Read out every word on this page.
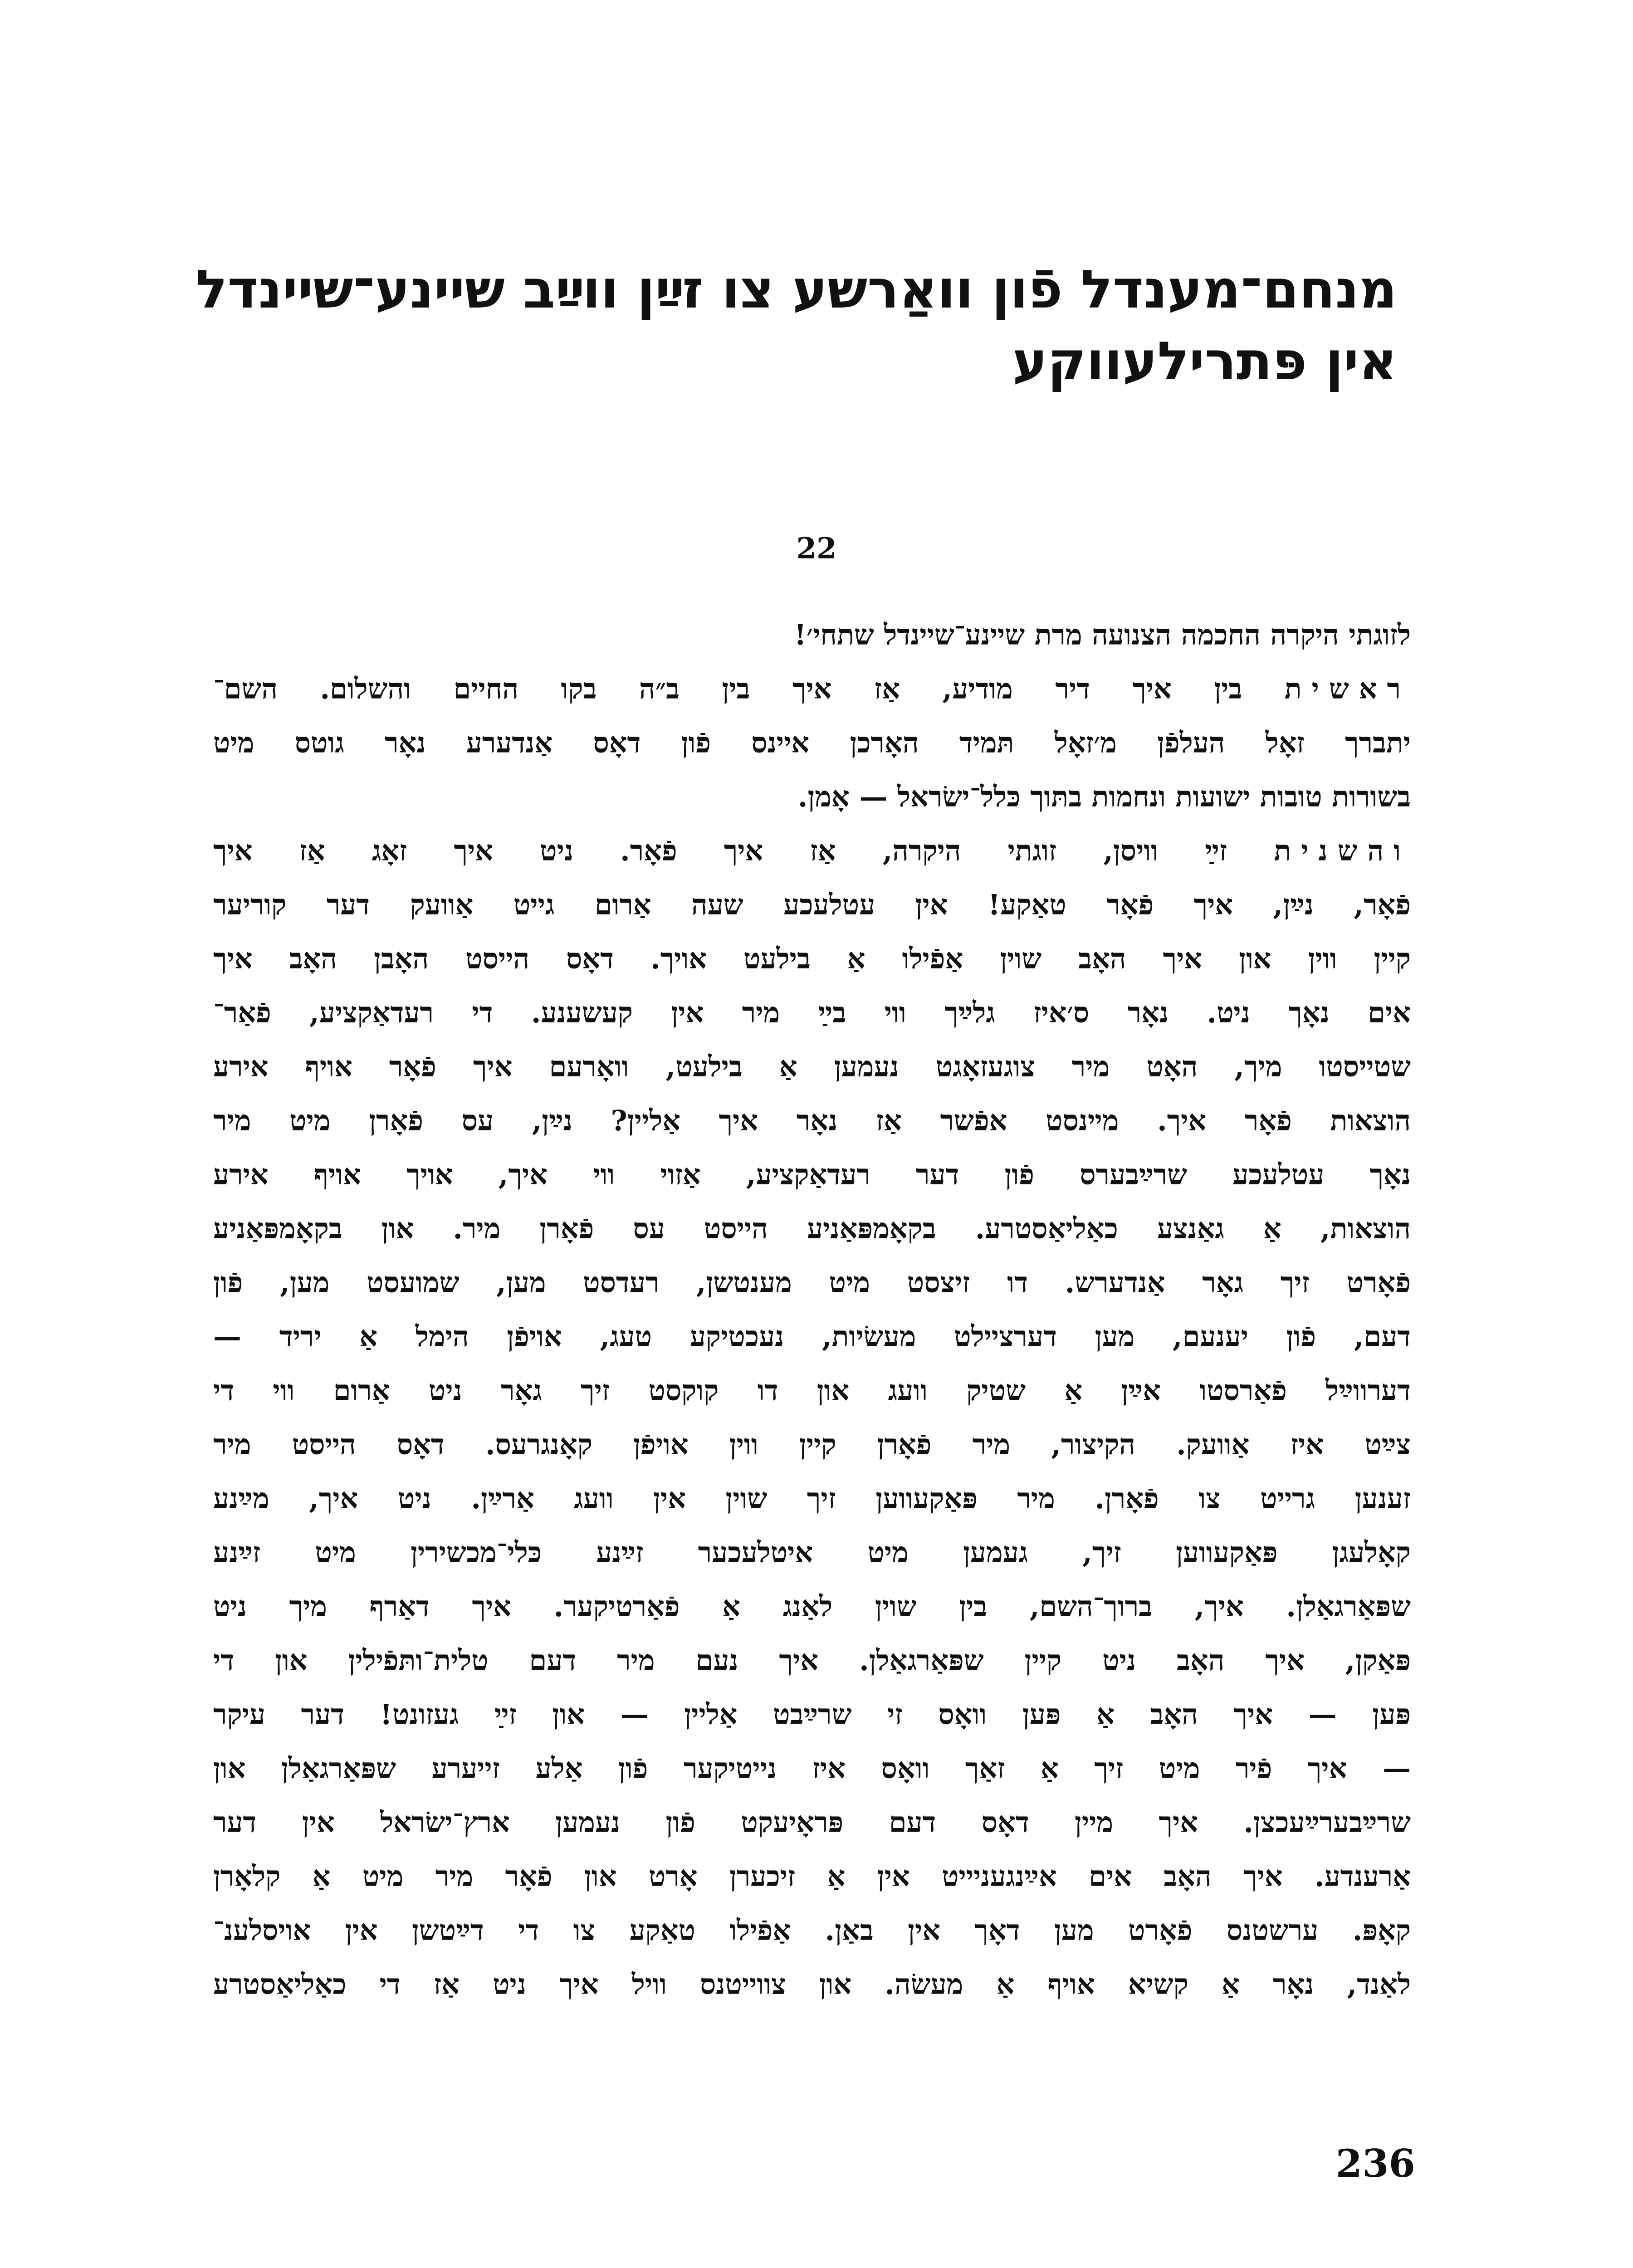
מנחם־מענדל פֿון וואַרשע צו זײַן ווײַב שיינע־שיינדל

אין פּתרילעווקע

22
לזוגתי היקרה החכמה הצנועה מרת שיינע־שיינדל שתחי׳!
ראשית בין איך דיר מודיע, אַז איך בין ב״ה בקו החיים והשלום. השם־
יתברך זאָל העלפֿן מ׳זאָל תּמיד האָרכן איינס פֿון דאָס אַנדערע נאָר גוטס מיט
בשורות טובות ישועות ונחמות בתּוך כּלל־ישׂראל — אָמן.
והשנית זײַ וויסן, זוגתי היקרה, אַז איך פֿאָר. ניט איך זאָג אַז איך
פֿאָר, נײַן, איך פֿאָר טאַקע! אין עטלעכע שעה אַרום גייט אַוועק דער קוריער
קיין ווין און איך האָב שוין אַפֿילו אַ בילעט אויך. דאָס הייסט האָבן האָב איך
אים נאָך ניט. נאָר ס׳איז גלײַך ווי בײַ מיר אין קעשענע. די רעדאַקציע, פֿאַר־
שטייסטו מיך, האָט מיר צוגעזאָגט נעמען אַ בילעט, וואָרעם איך פֿאָר אויף אירע
הוצאות פֿאָר איך. מײנסט אפֿשר אַז נאָר איך אַליין? נײַן, עס פֿאָרן מיט מיר
נאָך עטלעכע שרײַבערס פֿון דער רעדאַקציע, אַזוי ווי איך, אויך אויף אירע
הוצאות, אַ גאַנצע כאַליאַסטרע. בקאָמפּאַניע הייסט עס פֿאָרן מיר. און בקאָמפּאַניע
פֿאָרט זיך גאָר אַנדערש. דו זיצסט מיט מענטשן, רעדסט מען, שמועסט מען, פֿון
דעם, פֿון יענעם, מען דערציילט מעשׂיות, נעכטיקע טעג, אויפֿן הימל אַ יריד —
דערווײַל פֿאַרסטו אײַן אַ שטיק וועג און דו קוקסט זיך גאָר ניט אַרום ווי די
צײַט איז אַוועק. הקיצור, מיר פֿאָרן קיין ווין אויפֿן קאָנגרעס. דאָס הייסט מיר
זענען גרייט צו פֿאָרן. מיר פּאַקעווען זיך שוין אין וועג אַרײַן. ניט איך, מײַנע
קאָלעגן פּאַקעווען זיך, געמען מיט איטלעכער זײַנע כּלי־מכשירין מיט זײַנע
שפּאַרגאַלן. איך, ברוך־השם, בין שוין לאַנג אַ פֿאַרטיקער. איך דאַרף מיך ניט
פּאַקן, איך האָב ניט קיין שפּאַרגאַלן. איך נעם מיר דעם טלית־ותּפֿילין און די
פּען — איך האָב אַ פּען וואָס זי שרײַבט אַליין — און זײַ געזונט! דער עיקר
— איך פֿיר מיט זיך אַ זאַך וואָס איז נייטיקער פֿון אַלע זייערע שפּאַרגאַלן און
שרײַבערײַעכצן. איך מיין דאָס דעם פּראָיעקט פֿון נעמען ארץ־ישׂראל אין דער
אַרענדע. איך האָב אים אײַנגעניייט אין אַ זיכערן אָרט און פֿאָר מיר מיט אַ קלאָרן
קאָפּ. ערשטנס פֿאָרט מען דאָך אין באַן. אַפֿילו טאַקע צו די דײַטשן אין אויסלענ־
לאַנד, נאָר אַ קשיא אויף אַ מעשׂה. און צווייטנס וויל איך ניט אַז די כאַליאַסטרע
236
